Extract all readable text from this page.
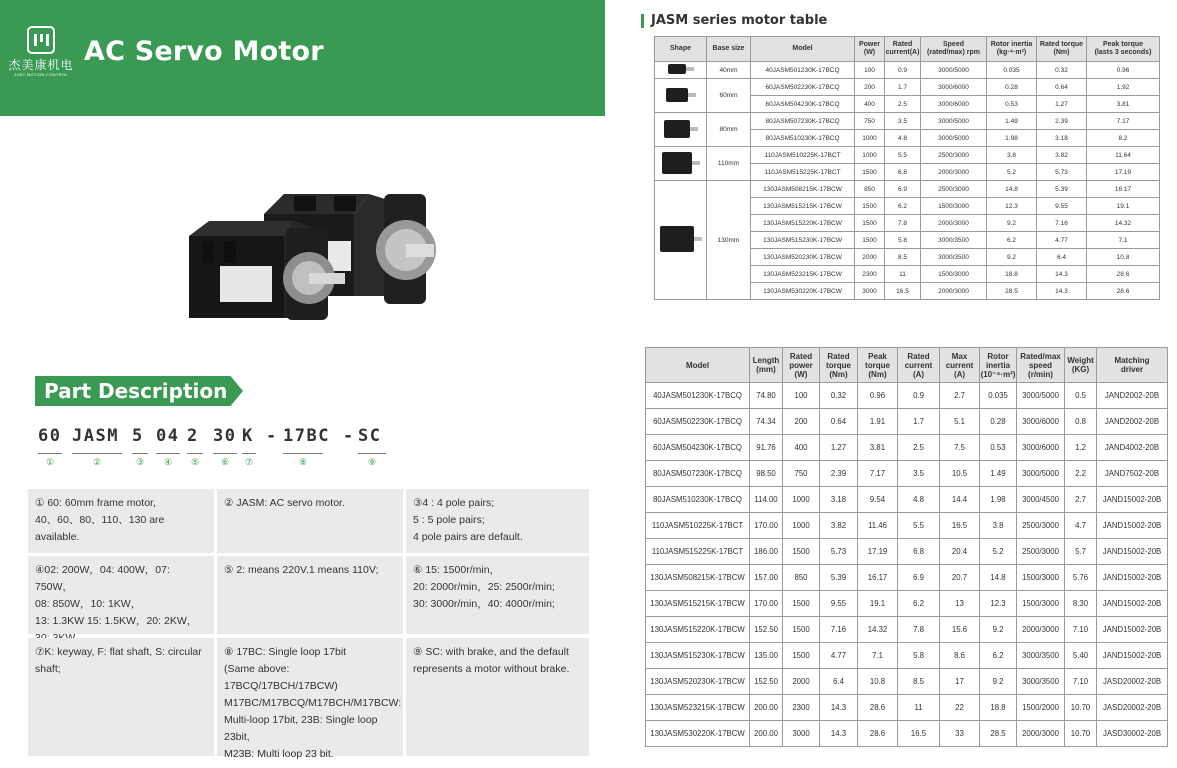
杰美康机电
JUST MOTION CONTROL
AC Servo Motor
Part Description
60
①
JASM
②
5
③
04
④
2
⑤
30
⑥
K
⑦
- 17BC
⑧
- SC
⑨
① 60: 60mm frame motor,
40、60、80、110、130 are available.
② JASM: AC servo motor.	③4 : 4 pole pairs;
5 : 5 pole pairs;
4 pole pairs are default.
④02: 200W，04: 400W，07: 750W，
08: 850W，10: 1KW，
13: 1.3KW 15: 1.5KW，20: 2KW，

⑤ 2: means 220V.1 means 110V;	⑥ 15: 1500r/min，
20: 2000r/min，25: 2500r/min;
30: 3000r/min，40: 4000r/min;
⑦K: keyway, F: flat shaft, S: circular shaft;
⑧ 17BC: Single loop 17bit
(Same above: 17BCQ/17BCH/17BCW)
M17BC/M17BCQ/M17BCH/M17BCW:
Multi-loop 17bit, 23B: Single loop 23bit,
M23B: Multi loop 23 bit.
⑨ SC: with brake, and the default represents a motor without brake.
JASM series motor table
Shape	Base size	Model	Power
(W)	Rated
current(A)	Speed
(rated/max) rpm	Rotor inertia
(kg·⁴·m²)	Rated torque
(Nm)	Peak torque
(lasts 3 seconds)

	40mm	40JASM501230K-17BCQ	100	0.9	3000/5000	0.035	0.32	0.96

	60mm	60JASM502230K-17BCQ	200	1.7	3000/6000	0.28	0.64	1.92
		60JASM504230K-17BCQ	400	2.5	3000/6000	0.53	1.27	3.81

	80mm	80JASM507230K-17BCQ	750	3.5	3000/5000	1.49	2.39	7.17
		80JASM510230K-17BCQ	1000	4.8	3000/5000	1.98	3.18	8.2

	110mm	110JASM510225K-17BCT	1000	5.5	2500/3000	3.8	3.82	11.64
		110JASM515225K-17BCT	1500	6.8	2000/3000	5.2	5.73	17.19

	130mm	130JASM508215K-17BCW	850	6.9	2500/3000	14.8	5.39	16.17
		130JASM515215K-17BCW	1500	6.2	1500/3000	12.3	9.55	19.1
		130JASM515220K-17BCW	1500	7.8	2000/3000	9.2	7.16	14.32
		130JASM515230K-17BCW	1500	5.8	3000/3500	6.2	4.77	7.1
		130JASM520230K-17BCW	2000	8.5	3000/3500	9.2	6.4	10.8
		130JASM523215K-17BCW	2300	11	1500/3000	18.8	14.3	28.6
		130JASM530220K-17BCW	3000	16.5	2000/3000	28.5	14.3	28.6
Model	Length
(mm)	Rated
power
(W)	Rated
torque
(Nm)	Peak
torque
(Nm)	Rated
current
(A)	Max
current
(A)	Rotor
inertia
(10⁻⁴·m²)	Rated/max
speed
(r/min)	Weight
(KG)	Matching
driver
40JASM501230K-17BCQ	74.80	100	0.32	0.96	0.9	2.7	0.035	3000/5000	0.5	JAND2002-20B
60JASM502230K-17BCQ	74.34	200	0.64	1.91	1.7	5.1	0.28	3000/6000	0.8	JAND2002-20B
60JASM504230K-17BCQ	91.76	400	1.27	3.81	2.5	7.5	0.53	3000/6000	1.2	JAND4002-20B
80JASM507230K-17BCQ	98.50	750	2.39	7.17	3.5	10.5	1.49	3000/5000	2.2	JAND7502-20B
80JASM510230K-17BCQ	114.00	1000	3.18	9.54	4.8	14.4	1.98	3000/4500	2.7	JAND15002-20B
110JASM510225K-17BCT	170.00	1000	3.82	11.46	5.5	16.5	3.8	2500/3000	4.7	JAND15002-20B
110JASM515225K-17BCT	186.00	1500	5.73	17.19	6.8	20.4	5.2	2500/3000	5.7	JAND15002-20B
130JASM508215K-17BCW	157.00	850	5.39	16.17	6.9	20.7	14.8	1500/3000	5.76	JAND15002-20B
130JASM515215K-17BCW	170.00	1500	9.55	19.1	6.2	13	12.3	1500/3000	8.30	JAND15002-20B
130JASM515220K-17BCW	152.50	1500	7.16	14.32	7.8	15.6	9.2	2000/3000	7.10	JAND15002-20B
130JASM515230K-17BCW	135.00	1500	4.77	7.1	5.8	8.6	6.2	3000/3500	5.40	JAND15002-20B
130JASM520230K-17BCW	152.50	2000	6.4	10.8	8.5	17	9.2	3000/3500	7.10	JASD20002-20B
130JASM523215K-17BCW	200.00	2300	14.3	28.6	11	22	18.8	1500/2000	10.70	JASD20002-20B
130JASM530220K-17BCW	200.00	3000	14.3	28.6	16.5	33	28.5	2000/3000	10.70	JASD30002-20B
